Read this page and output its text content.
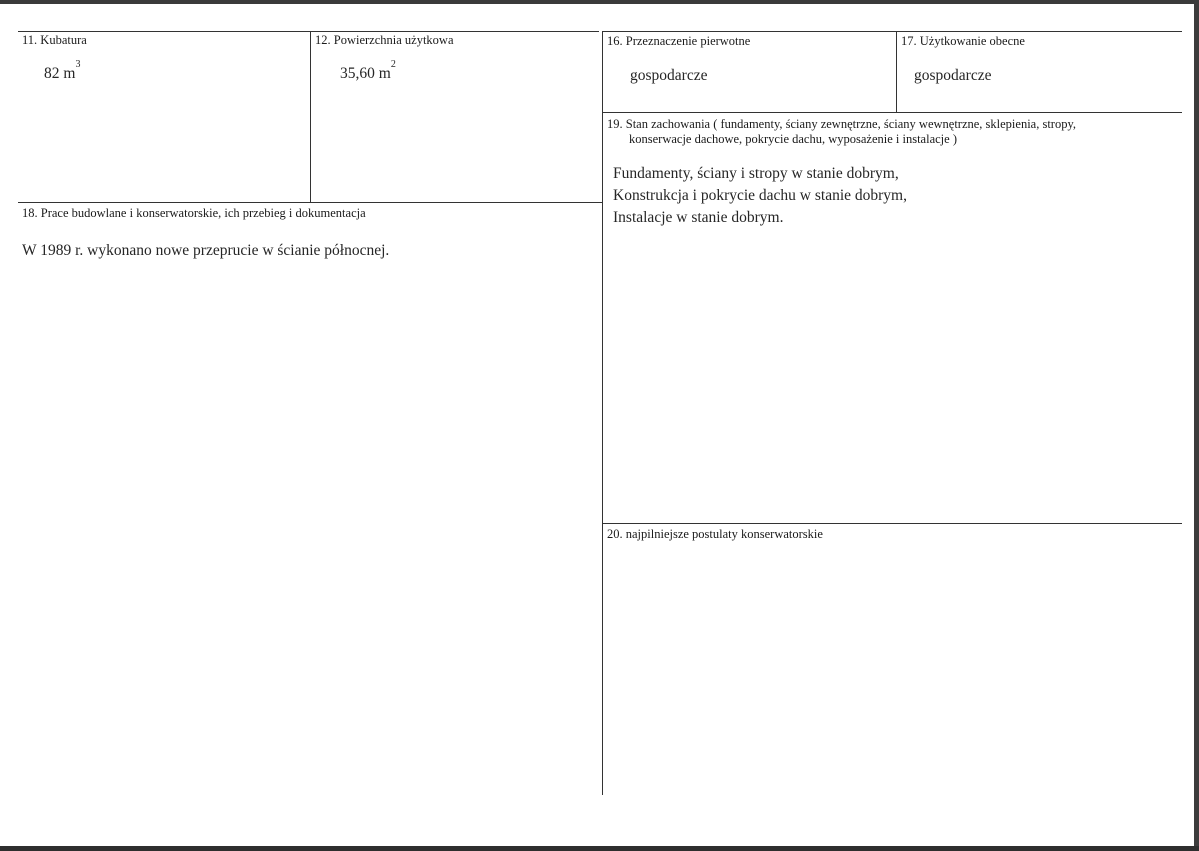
11. Kubatura
82 $m^3$
12. Powierzchnia użytkowa
35,60 $m^2$
16. Przeznaczenie pierwotne
gospodarcze
17. Użytkowanie obecne
gospodarcze
19. Stan zachowania ( fundamenty, ściany zewnętrzne, ściany wewnętrzne, sklepienia, stropy,
konserwacje dachowe, pokrycie dachu, wyposażenie i instalacje )
Fundamenty, ściany i stropy w stanie dobrym,
Konstrukcja i pokrycie dachu w stanie dobrym,
Instalacje w stanie dobrym.
18. Prace budowlane i konserwatorskie, ich przebieg i dokumentacja
W 1989 r. wykonano nowe przeprucie w ścianie północnej.
20. najpilniejsze postulaty konserwatorskie
